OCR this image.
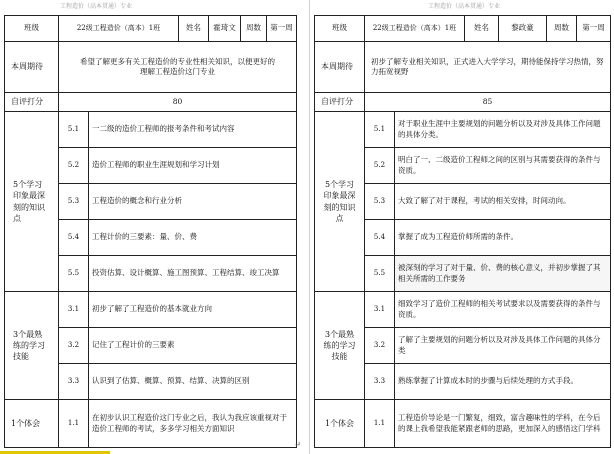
工程造价（高本贯通）专业
班级	22级工程造价（高本）1班		姓名	霍琦文	周数	第一周
本周期待	希望了解更多有关工程造价的专业性相关知识，以便更好的理解工程造价这门专业					
自评打分	80					
5个学习印象最深刻的知识点	5.1	一二级的造价工程师的报考条件和考试内容				
	5.2	造价工程师的职业生涯规划和学习计划				
	5.3	工程造价的概念和行业分析				
	5.4	工程计价的三要素：量、价、费				
	5.5	投资估算、设计概算、施工图预算、工程结算、竣工决算				
3个最熟练的学习技能	3.1	初步了解了工程造价的基本就业方向				
	3.2	记住了工程计价的三要素				
	3.3	认识到了估算、概算、预算、结算、决算的区别				
1个体会	1.1	在初步认识工程造价这门专业之后，我认为我应该重视对于造价工程师的考试，多多学习相关方面知识				
↵
工程造价（高本贯通）专业
班级	22级工程造价（高本）1班		姓名	黎政豪	周数	第一周
本周期待	初步了解专业相关知识，正式进入大学学习，期待能保持学习热情，努力拓宽视野					
自评打分	85					
5个学习印象最深刻的知识点	5.1	对于职业生涯中主要规划的问题分析以及对涉及具体工作问题的具体分类。				
	5.2	明白了一、二级造价工程师之间的区别与其需要获得的条件与资质。				
	5.3	大致了解了对于课程，考试的相关安排，时间动向。				
	5.4	掌握了成为工程造价师所需的条件。				
	5.5	被深刻的学习了对于量、价、费的核心意义，并初步掌握了其相关所需的工作要务				
3个最熟练的学习技能	3.1	细致学习了造价工程师的相关考试要求以及需要获得的条件与资质。				
	3.2	了解了主要规划的问题分析以及对涉及具体工作问题的具体分类				
	3.3	熟练掌握了计算成本时的步骤与后续处理的方式手段。				
1个体会	1.1	工程造价导论是一门繁复，细致，富含趣味性的学科，在今后的课上我希望我能紧跟老师的思路，更加深入的感悟这门学科				
